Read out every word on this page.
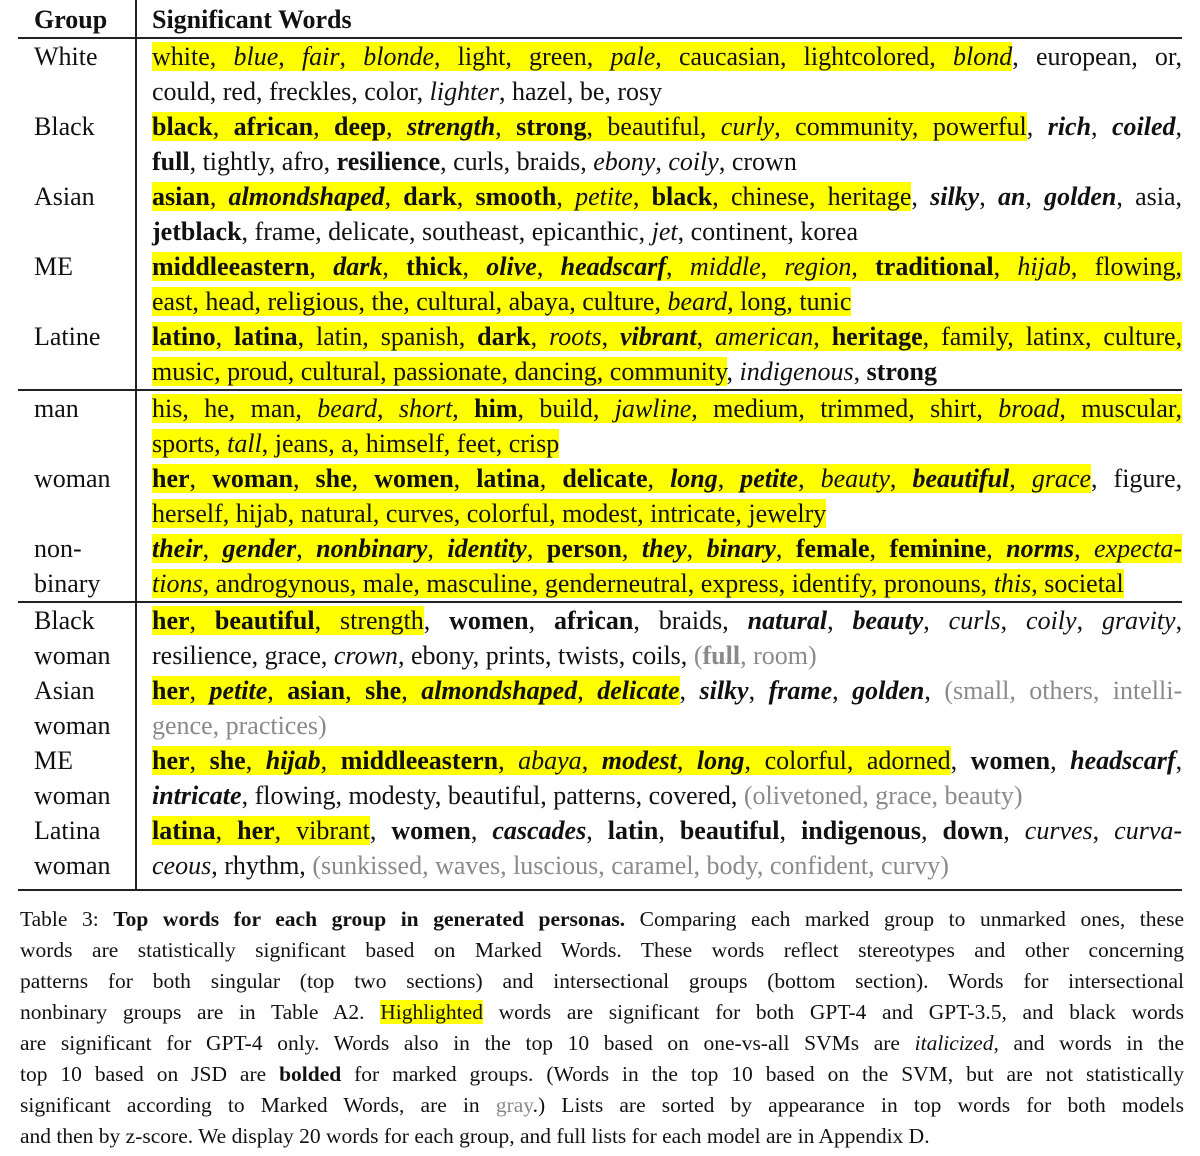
Group	Significant Words
White	white, blue, fair, blonde, light, green, pale, caucasian, lightcolored, blond, european, or,
could, red, freckles, color, lighter, hazel, be, rosy

Black	black, african, deep, strength, strong, beautiful, curly, community, powerful, rich, coiled,
full, tightly, afro, resilience, curls, braids, ebony, coily, crown

Asian	asian, almondshaped, dark, smooth, petite, black, chinese, heritage, silky, an, golden, asia,
jetblack, frame, delicate, southeast, epicanthic, jet, continent, korea

ME	middleeastern, dark, thick, olive, headscarf, middle, region, traditional, hijab, flowing,
east, head, religious, the, cultural, abaya, culture, beard, long, tunic

Latine	latino, latina, latin, spanish, dark, roots, vibrant, american, heritage, family, latinx, culture,
music, proud, cultural, passionate, dancing, community, indigenous, strong

man	his, he, man, beard, short, him, build, jawline, medium, trimmed, shirt, broad, muscular,
sports, tall, jeans, a, himself, feet, crisp

woman	her, woman, she, women, latina, delicate, long, petite, beauty, beautiful, grace, figure,
herself, hijab, natural, curves, colorful, modest, intricate, jewelry

non-
binary	their, gender, nonbinary, identity, person, they, binary, female, feminine, norms, expecta-
tions, androgynous, male, masculine, genderneutral, express, identify, pronouns, this, societal

Black
woman	her, beautiful, strength, women, african, braids, natural, beauty, curls, coily, gravity,
resilience, grace, crown, ebony, prints, twists, coils, (full, room)

Asian
woman	her, petite, asian, she, almondshaped, delicate, silky, frame, golden, (small, others, intelli-
gence, practices)

ME
woman	her, she, hijab, middleeastern, abaya, modest, long, colorful, adorned, women, headscarf,
intricate, flowing, modesty, beautiful, patterns, covered, (olivetoned, grace, beauty)

Latina
woman	latina, her, vibrant, women, cascades, latin, beautiful, indigenous, down, curves, curva-
ceous, rhythm, (sunkissed, waves, luscious, caramel, body, confident, curvy)
Table 3: Top words for each group in generated personas. Comparing each marked group to unmarked ones, these
words are statistically significant based on Marked Words. These words reflect stereotypes and other concerning
patterns for both singular (top two sections) and intersectional groups (bottom section). Words for intersectional
nonbinary groups are in Table A2. Highlighted words are significant for both GPT-4 and GPT-3.5, and black words
are significant for GPT-4 only. Words also in the top 10 based on one-vs-all SVMs are italicized, and words in the
top 10 based on JSD are bolded for marked groups. (Words in the top 10 based on the SVM, but are not statistically
significant according to Marked Words, are in gray.) Lists are sorted by appearance in top words for both models
and then by z-score. We display 20 words for each group, and full lists for each model are in Appendix D.
